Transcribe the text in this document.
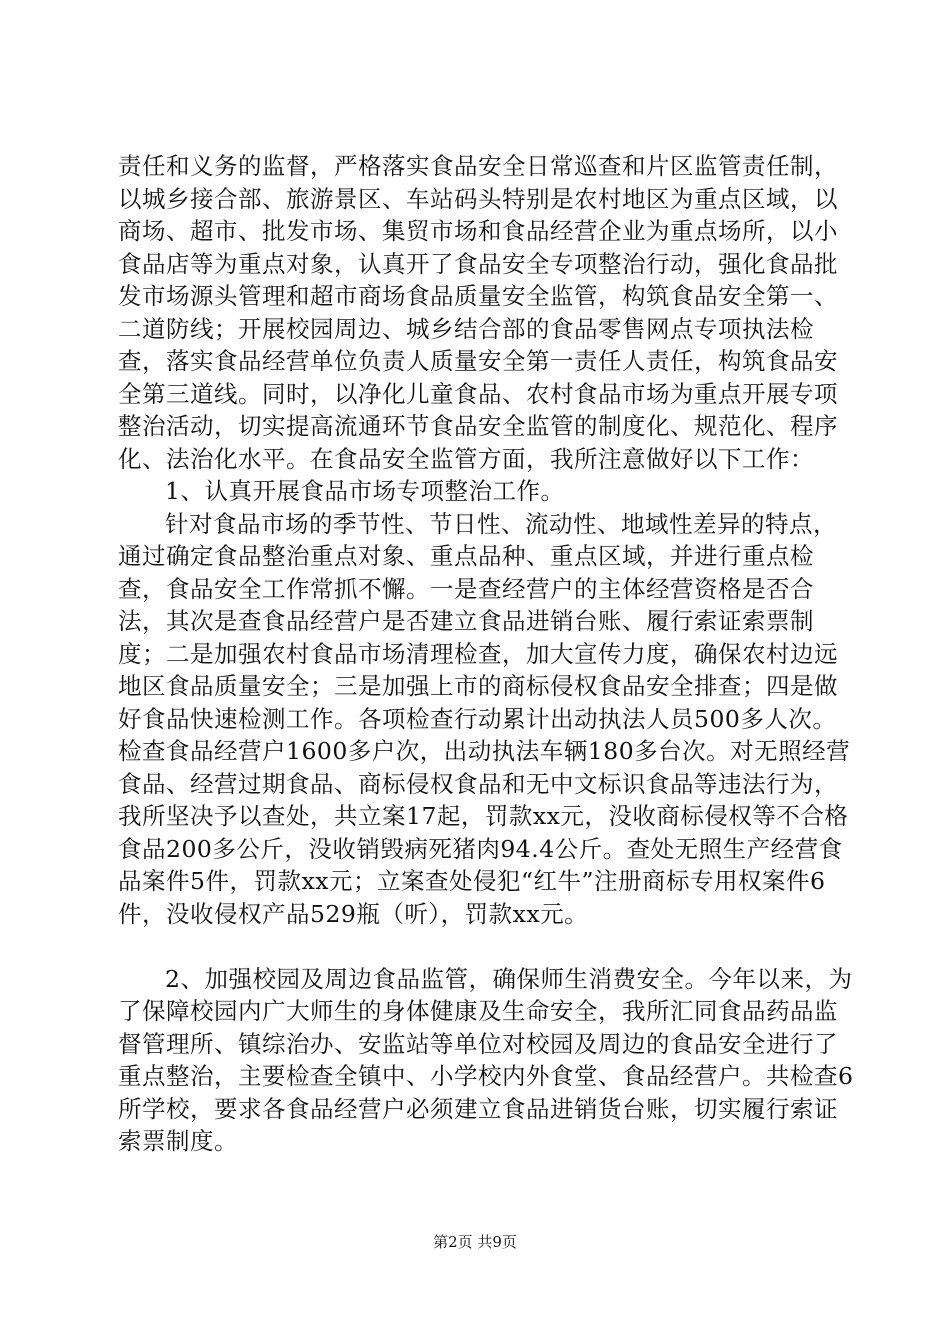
责任和义务的监督，严格落实食品安全日常巡查和片区监管责任制，以城乡接合部、旅游景区、车站码头特别是农村地区为重点区域，以商场、超市、批发市场、集贸市场和食品经营企业为重点场所，以小食品店等为重点对象，认真开了食品安全专项整治行动，强化食品批发市场源头管理和超市商场食品质量安全监管，构筑食品安全第一、二道防线；开展校园周边、城乡结合部的食品零售网点专项执法检查，落实食品经营单位负责人质量安全第一责任人责任，构筑食品安全第三道线。同时，以净化儿童食品、农村食品市场为重点开展专项整治活动，切实提高流通环节食品安全监管的制度化、规范化、程序化、法治化水平。在食品安全监管方面，我所注意做好以下工作：

1、认真开展食品市场专项整治工作。

针对食品市场的季节性、节日性、流动性、地域性差异的特点，通过确定食品整治重点对象、重点品种、重点区域，并进行重点检查，食品安全工作常抓不懈。一是查经营户的主体经营资格是否合法，其次是查食品经营户是否建立食品进销台账、履行索证索票制度；二是加强农村食品市场清理检查，加大宣传力度，确保农村边远地区食品质量安全；三是加强上市的商标侵权食品安全排查；四是做好食品快速检测工作。各项检查行动累计出动执法人员500多人次。检查食品经营户1600多户次，出动执法车辆180多台次。对无照经营食品、经营过期食品、商标侵权食品和无中文标识食品等违法行为，我所坚决予以查处，共立案17起，罚款xx元，没收商标侵权等不合格食品200多公斤，没收销毁病死猪肉94.4公斤。查处无照生产经营食品案件5件，罚款xx元；立案查处侵犯“红牛”注册商标专用权案件6件，没收侵权产品529瓶（听），罚款xx元。

2、加强校园及周边食品监管，确保师生消费安全。今年以来，为了保障校园内广大师生的身体健康及生命安全，我所汇同食品药品监督管理所、镇综治办、安监站等单位对校园及周边的食品安全进行了重点整治，主要检查全镇中、小学校内外食堂、食品经营户。共检查6所学校，要求各食品经营户必须建立食品进销货台账，切实履行索证索票制度。

第2页 共9页
